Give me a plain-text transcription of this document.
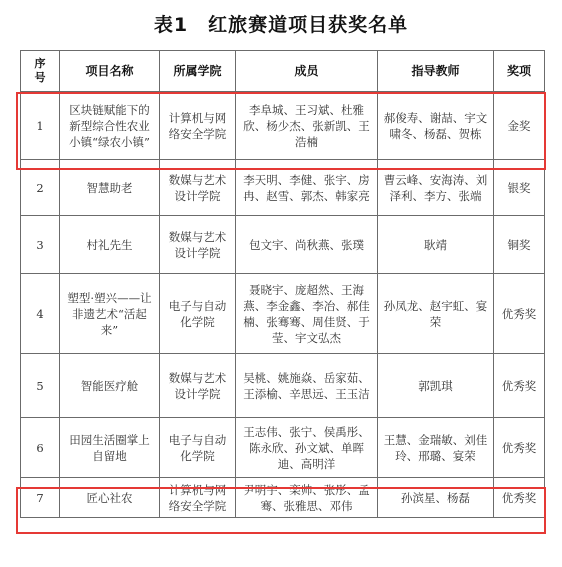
表1　红旅赛道项目获奖名单
序号	项目名称	所属学院	成员	指导教师	奖项
1	区块链赋能下的新型综合性农业小镇“绿农小镇”	计算机与网络安全学院	李阜城、王习斌、杜雅欣、杨少杰、张新凯、王浩楠	郝俊寿、谢喆、宇文啸冬、杨磊、贺栋	金奖
2	智慧助老	数媒与艺术设计学院	李天明、李健、张宇、房冉、赵雪、郭杰、韩家亮	曹云峰、安海涛、刘泽利、李方、张端	银奖
3	村礼先生	数媒与艺术设计学院	包文宇、尚秋燕、张璞	耿靖	铜奖
4	塑型·塑兴——让非遗艺术“活起来”	电子与自动化学院	聂晓宇、庞超然、王海燕、李金鑫、李冶、郝佳楠、张骞骞、周佳贤、于莹、宇文弘杰	孙凤龙、赵宇虹、宴荣	优秀奖
5	智能医疗舱	数媒与艺术设计学院	吴桃、姚施焱、岳家茹、王添榆、辛思远、王玉洁	郭凯琪	优秀奖
6	田园生活圈掌上自留地	电子与自动化学院	王志伟、张宁、侯禹彤、陈永欣、孙文斌、单晖迪、高明洋	王慧、金瑞敏、刘佳玲、邢璐、宴荣	优秀奖
7	匠心社农	计算机与网络安全学院	尹明宇、栾帅、张彤、孟骞、张雅思、邓伟	孙滨星、杨磊	优秀奖
